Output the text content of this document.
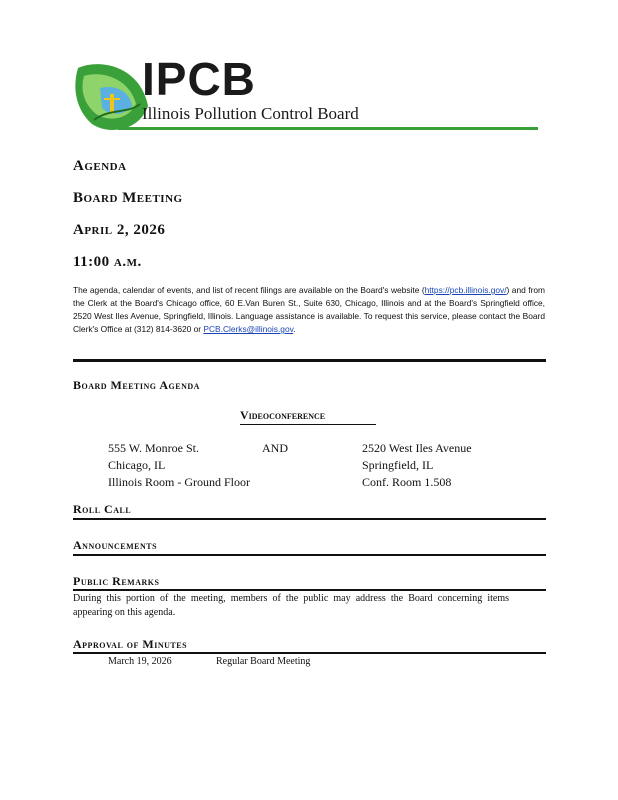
IPCB
Illinois Pollution Control Board
Agenda
Board Meeting
April 2, 2026
11:00 a.m.
The agenda, calendar of events, and list of recent filings are available on the Board's website (https://pcb.illinois.gov/) and from the Clerk at the Board's Chicago office, 60 E.Van Buren St., Suite 630, Chicago, Illinois and at the Board's Springfield office, 2520 West Iles Avenue, Springfield, Illinois. Language assistance is available. To request this service, please contact the Board Clerk's Office at (312) 814-3620 or PCB.Clerks@illinois.gov.
Board Meeting Agenda
Videoconference
555 W. Monroe St.
Chicago, IL
Illinois Room - Ground Floor
AND	2520 West Iles Avenue
Springfield, IL
Conf. Room 1.508
Roll Call
Announcements
Public Remarks
During this portion of the meeting, members of the public may address the Board concerning items appearing on this agenda.
Approval of Minutes
March 19, 2026	Regular Board Meeting
